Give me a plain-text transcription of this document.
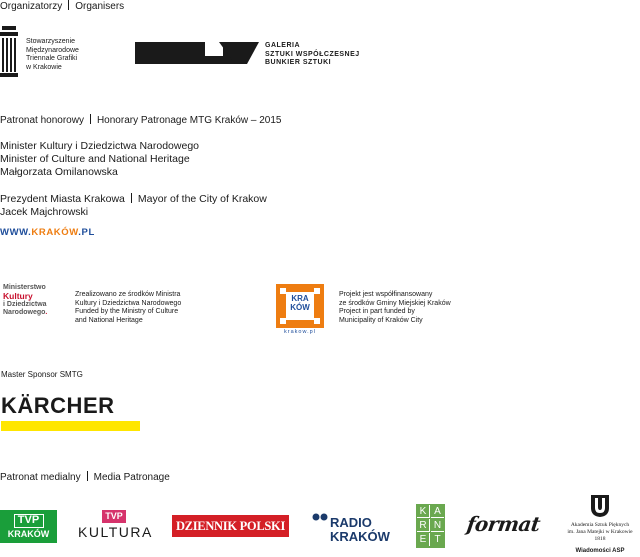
Organizatorzy Organisers
Stowarzyszenie
Międzynarodowe
Triennale Grafiki
w Krakowie
GALERIA
SZTUKI WSPÓŁCZESNEJ
BUNKIER SZTUKI
Patronat honorowy Honorary Patronage MTG Kraków – 2015
Minister Kultury i Dziedzictwa Narodowego
Minister of Culture and National Heritage
Małgorzata Omilanowska
Prezydent Miasta Krakowa Mayor of the City of Krakow
Jacek Majchrowski
WWW.KRAKÓW.PL
Ministerstwo
Kultury
i Dziedzictwa
Narodowego.
Zrealizowano ze środków Ministra
Kultury i Dziedzictwa Narodowego
Funded by the Ministry of Culture
and National Heritage
KRA
KÓW
krakow.pl
Projekt jest współfinansowany
ze środków Gminy Miejskiej Kraków
Project in part funded by
Municipality of Kraków City
Master Sponsor SMTG
KÄRCHER
Patronat medialny Media Patronage
TVP
KRAKÓW
TVP
KULTURA	DZIENNIK POLSKI	RADIO
KRAKÓW
K A
R N
E T
format	Akademia Sztuk Pięknych
im. Jana Matejki w Krakowie
1818
Wiadomości ASP
